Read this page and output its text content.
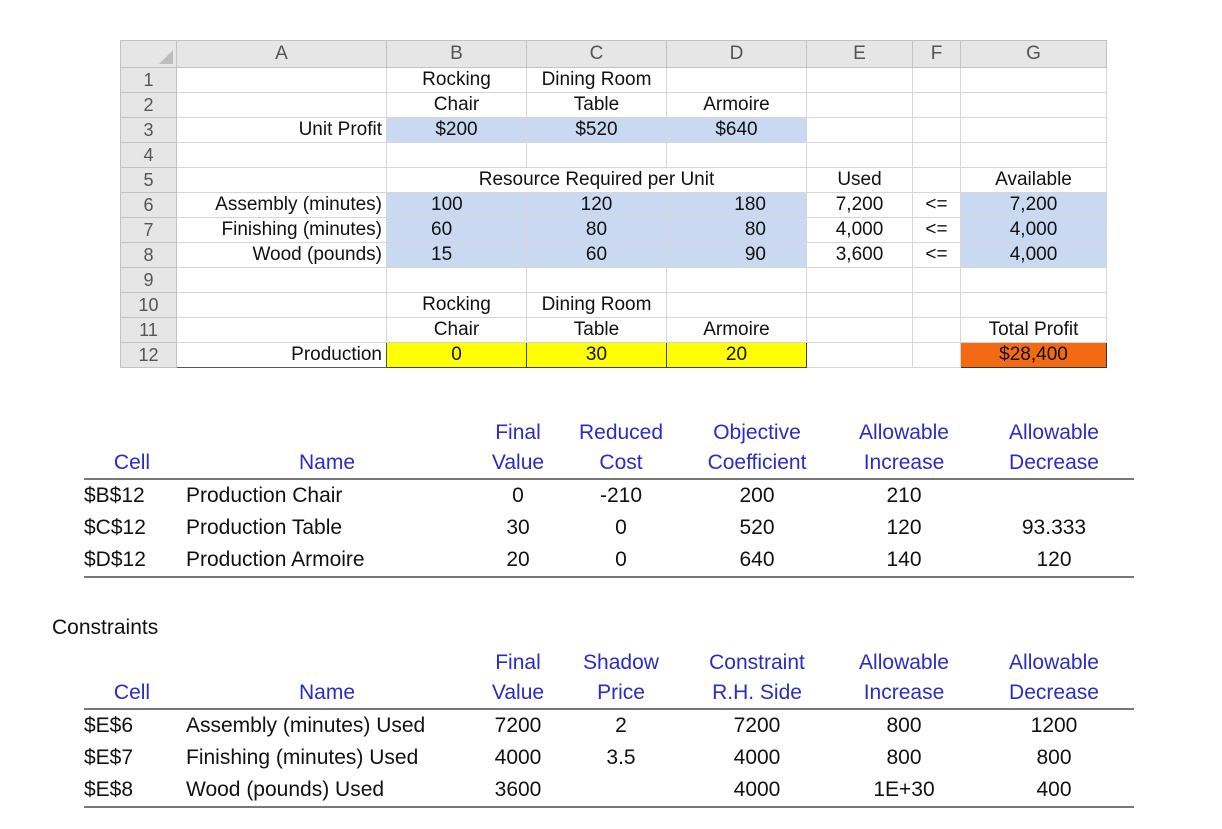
	A	B	C	D	E	F	G
1		Rocking	Dining Room				
2		Chair	Table	Armoire			
3	Unit Profit	$200	$520	$640			
4							
5		Resource Required per Unit			Used		Available
6	Assembly (minutes)	100	120	180	7,200	<=	7,200
7	Finishing (minutes)	60	80	80	4,000	<=	4,000
8	Wood (pounds)	15	60	90	3,600	<=	4,000
9							
10		Rocking	Dining Room				
11		Chair	Table	Armoire			Total Profit
12	Production	0	30	20			$28,400
		Final	Reduced	Objective	Allowable	Allowable
Cell	Name	Value	Cost	Coefficient	Increase	Decrease
$B$12	Production Chair	0	-210	200	210	
$C$12	Production Table	30	0	520	120	93.333
$D$12	Production Armoire	20	0	640	140	120
Constraints
		Final	Shadow	Constraint	Allowable	Allowable
Cell	Name	Value	Price	R.H. Side	Increase	Decrease
$E$6	Assembly (minutes) Used	7200	2	7200	800	1200
$E$7	Finishing (minutes) Used	4000	3.5	4000	800	800
$E$8	Wood (pounds) Used	3600		4000	1E+30	400
